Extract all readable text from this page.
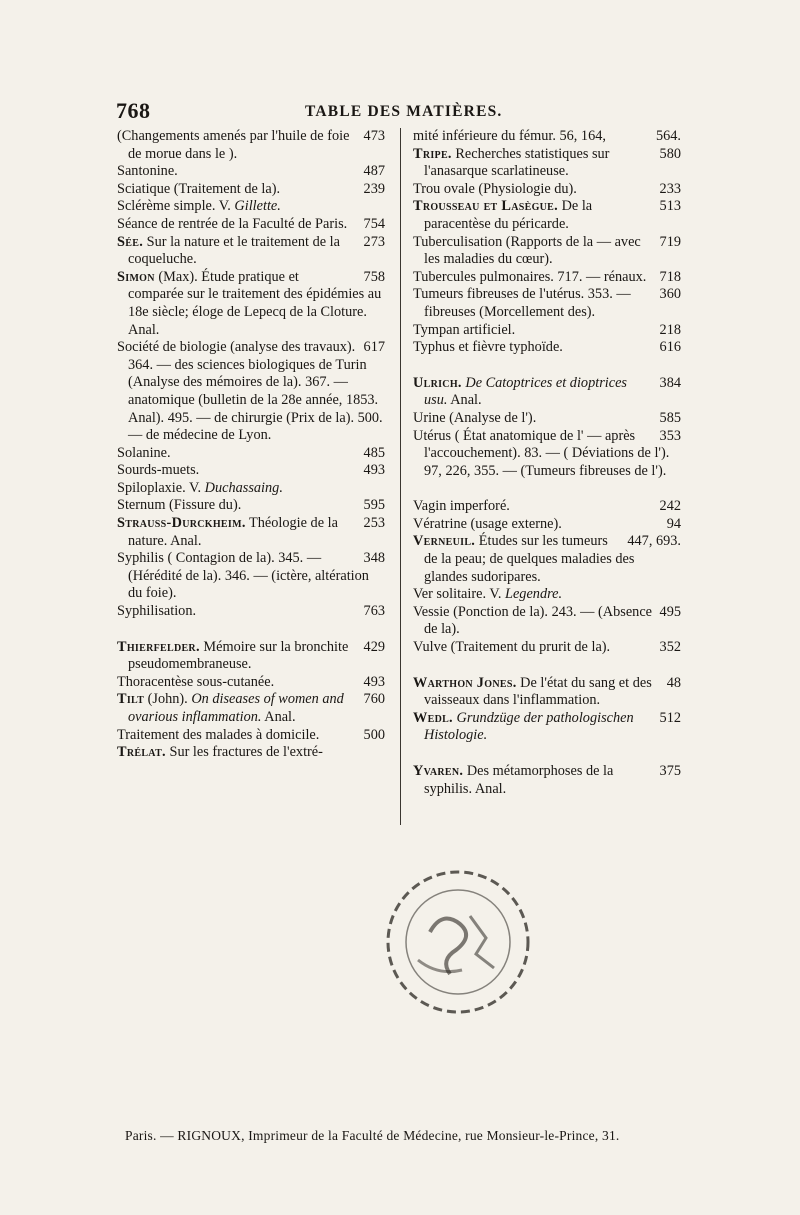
768	TABLE DES MATIÈRES.
473
(Changements amenés par l'huile de foie de morue dans le ).
487
Santonine.
239
Sciatique (Traitement de la).
Sclérème simple. V. Gillette.
754
Séance de rentrée de la Faculté de Paris.
273
Sée. Sur la nature et le traitement de la coqueluche.
758
Simon (Max). Étude pratique et comparée sur le traitement des épidémies au 18e siècle; éloge de Lepecq de la Cloture. Anal.
617
Société de biologie (analyse des travaux). 364. — des sciences biologiques de Turin (Analyse des mémoires de la). 367. — anatomique (bulletin de la 28e année, 1853. Anal). 495. — de chirurgie (Prix de la). 500. — de médecine de Lyon.
485
Solanine.
493
Sourds-muets.
Spiloplaxie. V. Duchassaing.
595
Sternum (Fissure du).
253
Strauss-Durckheim. Théologie de la nature. Anal.
348
Syphilis ( Contagion de la). 345. — (Hérédité de la). 346. — (ictère, altération du foie).
763
Syphilisation.
429
Thierfelder. Mémoire sur la bronchite pseudomembraneuse.
493
Thoracentèse sous-cutanée.
760
Tilt (John). On diseases of women and ovarious inflammation. Anal.
500
Traitement des malades à domicile.
Trélat. Sur les fractures de l'extré-
564.
mité inférieure du fémur. 56, 164,
580
Tripe. Recherches statistiques sur l'anasarque scarlatineuse.
233
Trou ovale (Physiologie du).
513
Trousseau et Lasègue. De la paracentèse du péricarde.
719
Tuberculisation (Rapports de la — avec les maladies du cœur).
718
Tubercules pulmonaires. 717. — rénaux.
360
Tumeurs fibreuses de l'utérus. 353. — fibreuses (Morcellement des).
218
Tympan artificiel.
616
Typhus et fièvre typhoïde.
384
Ulrich. De Catoptrices et dioptrices usu. Anal.
585
Urine (Analyse de l').
353
Utérus ( État anatomique de l' — après l'accouchement). 83. — ( Déviations de l'). 97, 226, 355. — (Tumeurs fibreuses de l').
242
Vagin imperforé.
94
Vératrine (usage externe).
447, 693.
Verneuil. Études sur les tumeurs de la peau; de quelques maladies des glandes sudoripares.
Ver solitaire. V. Legendre.
495
Vessie (Ponction de la). 243. — (Absence de la).
352
Vulve (Traitement du prurit de la).
48
Warthon Jones. De l'état du sang et des vaisseaux dans l'inflammation.
512
Wedl. Grundzüge der pathologischen Histologie.
375
Yvaren. Des métamorphoses de la syphilis. Anal.
Paris. — RIGNOUX, Imprimeur de la Faculté de Médecine, rue Monsieur-le-Prince, 31.
